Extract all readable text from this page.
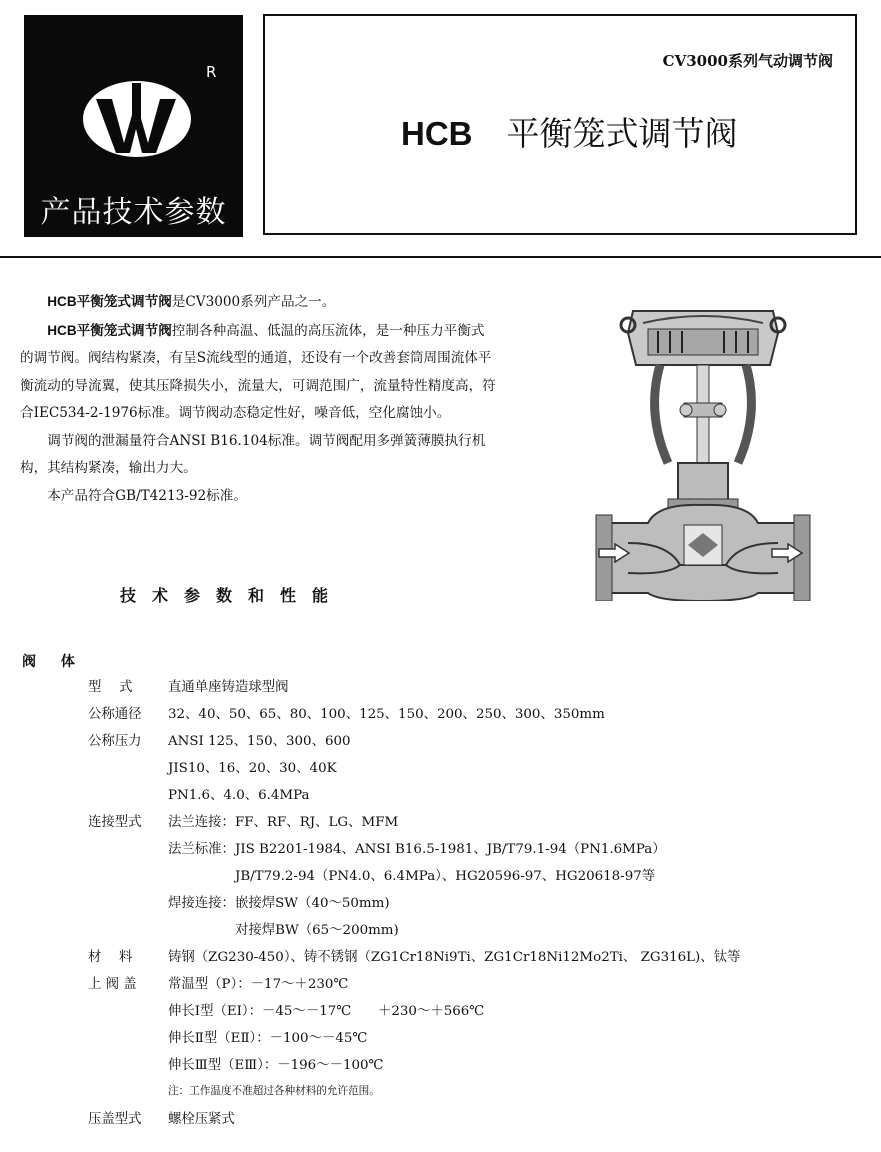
R
产品技术参数
CV3000系列气动调节阀
HCB 平衡笼式调节阀

HCB平衡笼式调节阀是CV3000系列产品之一。

HCB平衡笼式调节阀控制各种高温、低温的高压流体，是一种压力平衡式的调节阀。阀结构紧凑，有呈S流线型的通道，还设有一个改善套筒周围流体平衡流动的导流翼，使其压降损失小，流量大，可调范围广，流量特性精度高，符合IEC534-2-1976标准。调节阀动态稳定性好，噪音低，空化腐蚀小。

调节阀的泄漏量符合ANSI B16.104标准。调节阀配用多弹簧薄膜执行机构，其结构紧凑，输出力大。

本产品符合GB/T4213-92标准。

技术参数和性能
阀 体
型　 式	直通单座铸造球型阀
公称通径	32、40、50、65、80、100、125、150、200、250、300、350mm
公称压力	ANSI 125、150、300、600
JIS10、16、20、30、40K
PN1.6、4.0、6.4MPa
连接型式	法兰连接：FF、RF、RJ、LG、MFM
法兰标准：JIS B2201-1984、ANSI B16.5-1981、JB/T79.1-94（PN1.6MPa）
　　　　　JB/T79.2-94（PN4.0、6.4MPa）、HG20596-97、HG20618-97等
焊接连接：嵌接焊SW（40～50mm)
　　　　　对接焊BW（65～200mm)
材　 料	铸钢（ZG230-450）、铸不锈钢（ZG1Cr18Ni9Ti、ZG1Cr18Ni12Mo2Ti、 ZG316L)、钛等
上 阀 盖	常温型（P）：－17～＋230℃
伸长Ⅰ型（EⅠ）：－45～－17℃　　＋230～＋566℃
伸长Ⅱ型（EⅡ）：－100～－45℃
伸长Ⅲ型（EⅢ）：－196～－100℃
注：工作温度不准超过各种材料的允许范围。
压盖型式	螺栓压紧式
